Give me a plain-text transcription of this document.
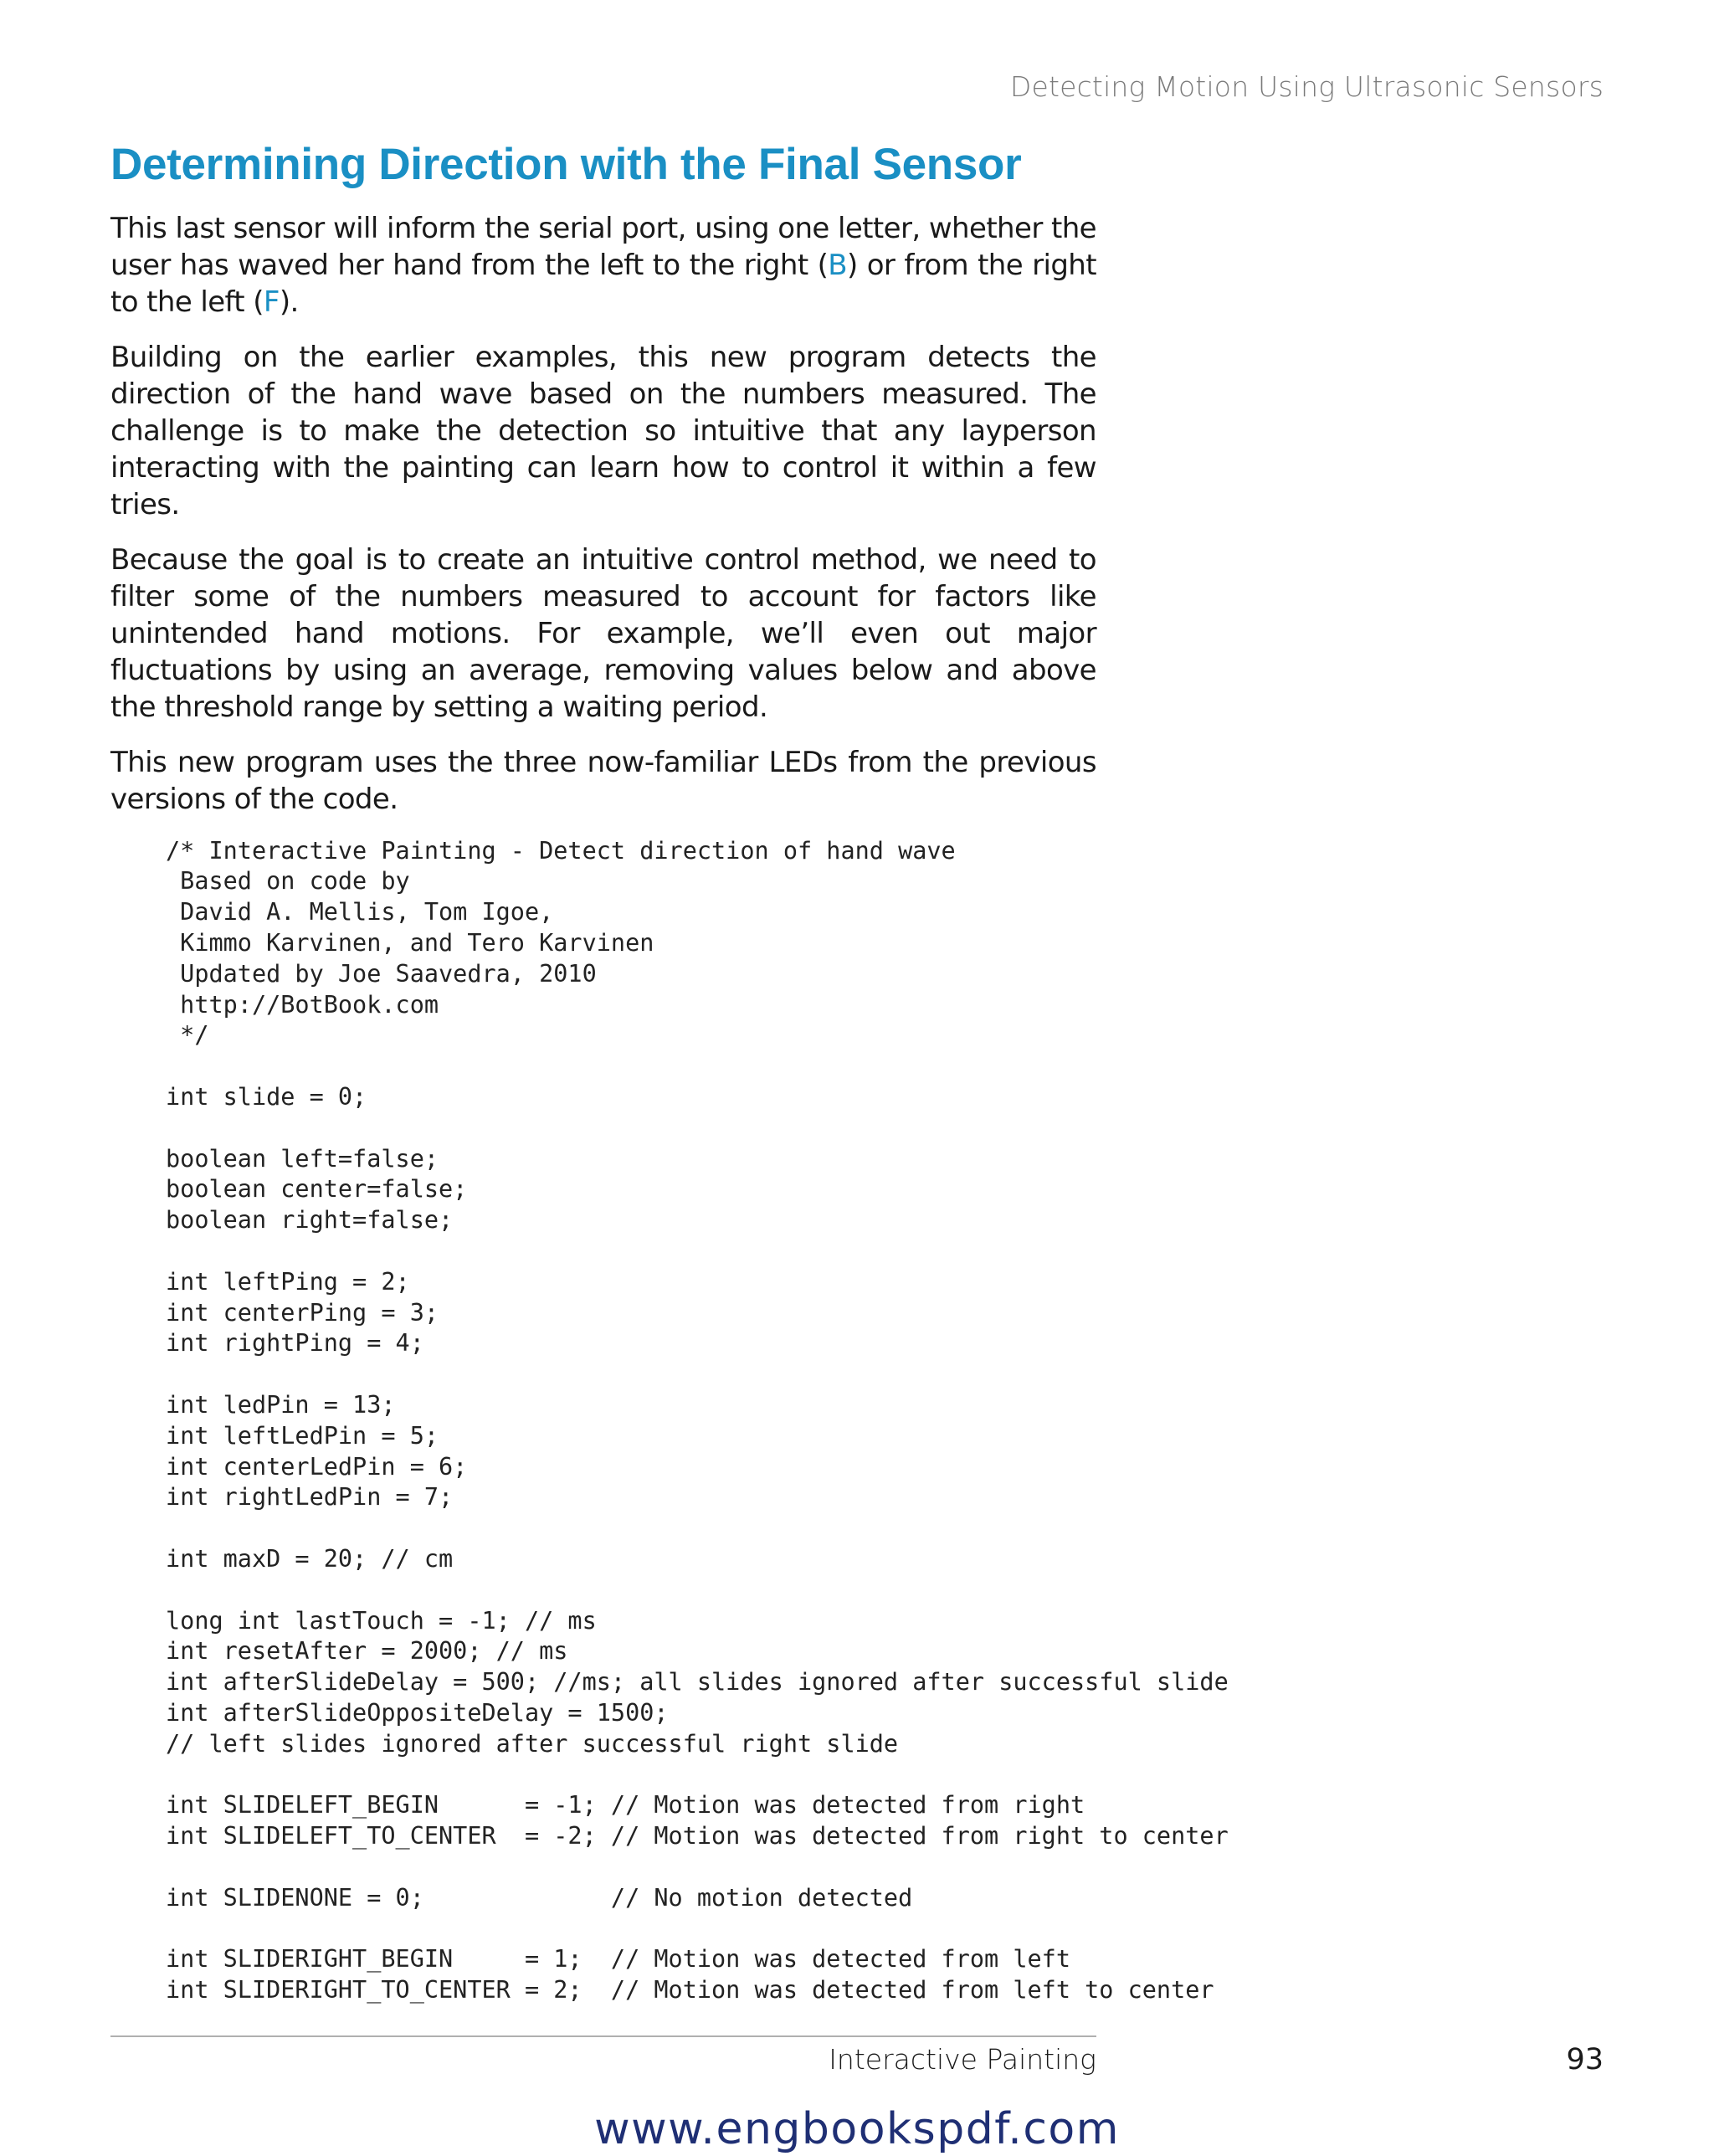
Detecting Motion Using Ultrasonic Sensors
Determining Direction with the Final Sensor

This last sensor will inform the serial port, using one letter, whether the user has waved her hand from the left to the right (B) or from the right to the left (F).

Building on the earlier examples, this new program detects the direction of the hand wave based on the numbers measured. The challenge is to make the detection so intuitive that any layperson interacting with the painting can learn how to control it within a few tries.

Because the goal is to create an intuitive control method, we need to filter some of the numbers measured to account for factors like unintended hand motions. For example, we’ll even out major fluctuations by using an average, removing values below and above the threshold range by setting a waiting period.

This new program uses the three now-familiar LEDs from the previous versions of the code.

/* Interactive Painting - Detect direction of hand wave
Based on code by
David A. Mellis, Tom Igoe,
Kimmo Karvinen, and Tero Karvinen
Updated by Joe Saavedra, 2010
http://BotBook.com
*/

int slide = 0;

boolean left=false;
boolean center=false;
boolean right=false;

int leftPing = 2;
int centerPing = 3;
int rightPing = 4;

int ledPin = 13;
int leftLedPin = 5;
int centerLedPin = 6;
int rightLedPin = 7;

int maxD = 20; // cm

long int lastTouch = -1; // ms
int resetAfter = 2000; // ms
int afterSlideDelay = 500; //ms; all slides ignored after successful slide
int afterSlideOppositeDelay = 1500;
// left slides ignored after successful right slide

int SLIDELEFT_BEGIN      = -1; // Motion was detected from right
int SLIDELEFT_TO_CENTER  = -2; // Motion was detected from right to center

int SLIDENONE = 0;             // No motion detected

int SLIDERIGHT_BEGIN     = 1;  // Motion was detected from left
int SLIDERIGHT_TO_CENTER = 2;  // Motion was detected from left to center
Interactive Painting	93
www.engbookspdf.com
